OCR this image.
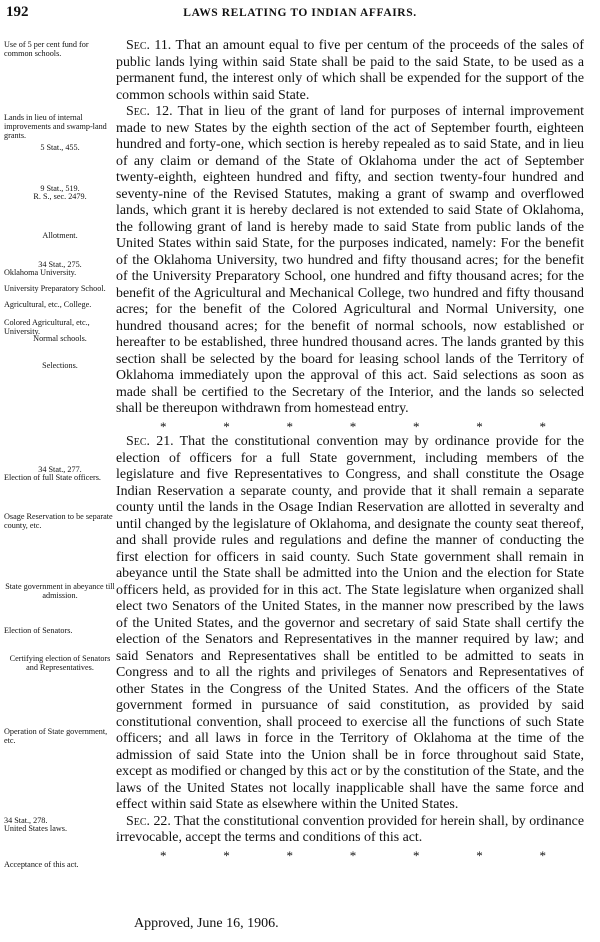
192	LAWS RELATING TO INDIAN AFFAIRS.
Use of 5 per cent fund for common schools.
Lands in lieu of internal improvements and swamp-land grants.
5 Stat., 455.
9 Stat., 519.
R. S., sec. 2479.
Allotment.
34 Stat., 275.
Oklahoma University.
University Preparatory School.
Agricultural, etc., College.
Colored Agricultural, etc., University.
Normal schools.
Selections.
34 Stat., 277.
Election of full State officers.
Osage Reservation to be separate county, etc.
State government in abeyance till admission.
Election of Senators.
Certifying election of Senators and Representatives.
Operation of State government, etc.
34 Stat., 278.
United States laws.
Acceptance of this act.

Sec. 11. That an amount equal to five per centum of the proceeds of the sales of public lands lying within said State shall be paid to the said State, to be used as a permanent fund, the interest only of which shall be expended for the support of the common schools within said State.

Sec. 12. That in lieu of the grant of land for purposes of internal improvement made to new States by the eighth section of the act of September fourth, eighteen hundred and forty-one, which section is hereby repealed as to said State, and in lieu of any claim or demand of the State of Oklahoma under the act of September twenty-eighth, eighteen hundred and fifty, and section twenty-four hundred and seventy-nine of the Revised Statutes, making a grant of swamp and overflowed lands, which grant it is hereby declared is not extended to said State of Oklahoma, the following grant of land is hereby made to said State from public lands of the United States within said State, for the purposes indicated, namely: For the benefit of the Oklahoma University, two hundred and fifty thousand acres; for the benefit of the University Preparatory School, one hundred and fifty thousand acres; for the benefit of the Agricultural and Mechanical College, two hundred and fifty thousand acres; for the benefit of the Colored Agricultural and Normal University, one hundred thousand acres; for the benefit of normal schools, now established or hereafter to be established, three hundred thousand acres. The lands granted by this section shall be selected by the board for leasing school lands of the Territory of Oklahoma immediately upon the approval of this act. Said selections as soon as made shall be certified to the Secretary of the Interior, and the lands so selected shall be thereupon withdrawn from homestead entry.

*	*	*	*	*	*	*

Sec. 21. That the constitutional convention may by ordinance provide for the election of officers for a full State government, including members of the legislature and five Representatives to Congress, and shall constitute the Osage Indian Reservation a separate county, and provide that it shall remain a separate county until the lands in the Osage Indian Reservation are allotted in severalty and until changed by the legislature of Oklahoma, and designate the county seat thereof, and shall provide rules and regulations and define the manner of conducting the first election for officers in said county. Such State government shall remain in abeyance until the State shall be admitted into the Union and the election for State officers held, as provided for in this act. The State legislature when organized shall elect two Senators of the United States, in the manner now prescribed by the laws of the United States, and the governor and secretary of said State shall certify the election of the Senators and Representatives in the manner required by law; and said Senators and Representatives shall be entitled to be admitted to seats in Congress and to all the rights and privileges of Senators and Representatives of other States in the Congress of the United States. And the officers of the State government formed in pursuance of said constitution, as provided by said constitutional convention, shall proceed to exercise all the functions of such State officers; and all laws in force in the Territory of Oklahoma at the time of the admission of said State into the Union shall be in force throughout said State, except as modified or changed by this act or by the constitution of the State, and the laws of the United States not locally inapplicable shall have the same force and effect within said State as elsewhere within the United States.

Sec. 22. That the constitutional convention provided for herein shall, by ordinance irrevocable, accept the terms and conditions of this act.

*	*	*	*	*	*	*
Approved, June 16, 1906.
